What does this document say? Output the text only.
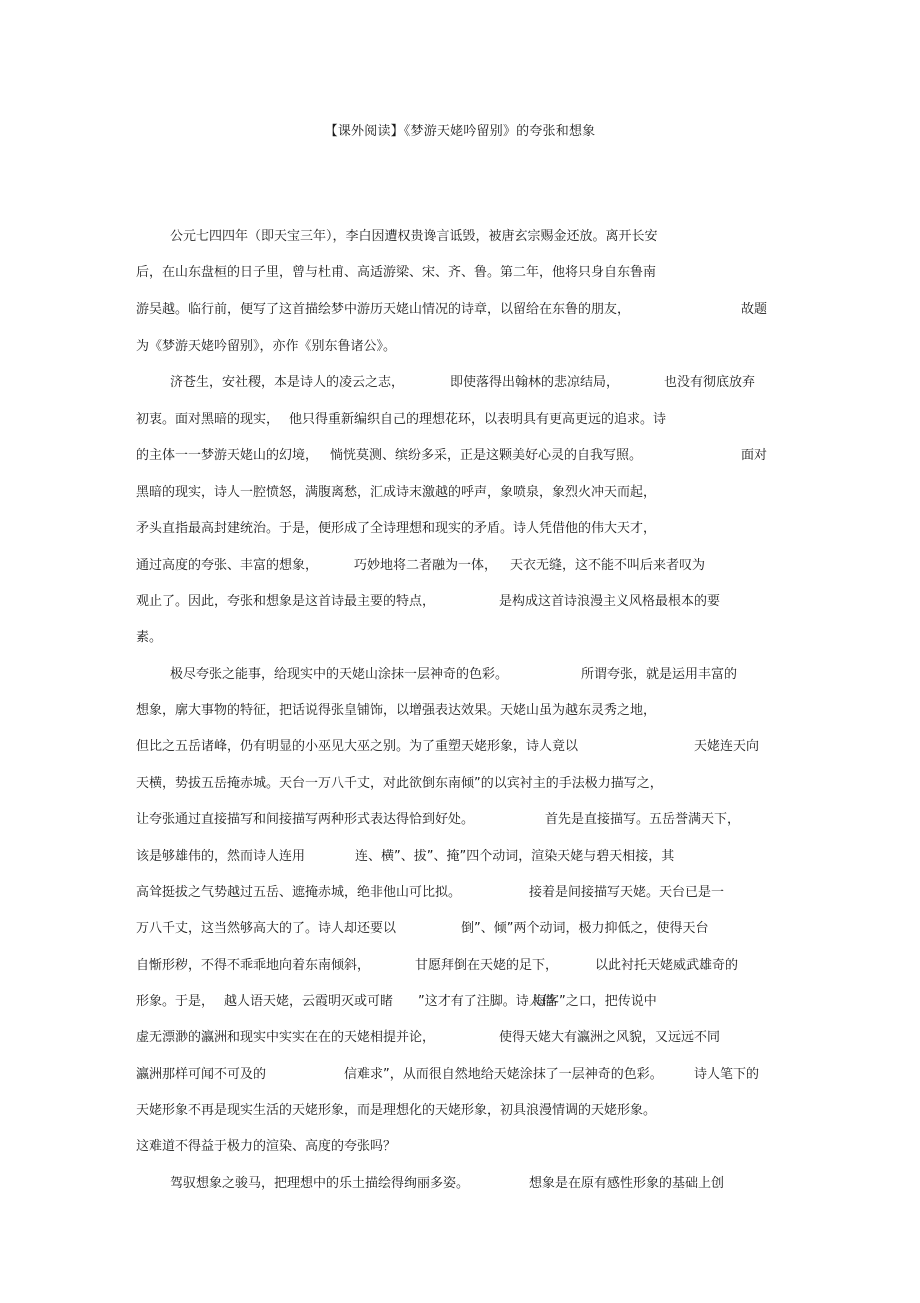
【课外阅读】《梦游天姥吟留别》的夸张和想象
公元七四四年（即天宝三年），李白因遭权贵谗言诋毁，被唐玄宗赐金还放。离开长安
后，在山东盘桓的日子里，曾与杜甫、高适游梁、宋、齐、鲁。第二年，他将只身自东鲁南
游吴越。临行前，便写了这首描绘梦中游历天姥山情况的诗章，以留给在东鲁的朋友，	故题
为《梦游天姥吟留别》，亦作《别东鲁诸公》。
济苍生，安社稷，本是诗人的凌云之志，	即使落得出翰林的悲凉结局，	也没有彻底放弃
初衷。面对黑暗的现实， 他只得重新编织自己的理想花环，以表明具有更高更远的追求。诗
的主体一一梦游天姥山的幻境， 惝恍莫测、缤纷多采，正是这颗美好心灵的自我写照。	面对
黑暗的现实，诗人一腔愤怒，满腹离愁，汇成诗末激越的呼声，象喷泉，象烈火冲天而起，
矛头直指最高封建统治。于是，便形成了全诗理想和现实的矛盾。诗人凭借他的伟大天才，
通过高度的夸张、丰富的想象，	巧妙地将二者融为一体， 天衣无缝，这不能不叫后来者叹为
观止了。因此，夸张和想象是这首诗最主要的特点，	是构成这首诗浪漫主义风格最根本的要
素。
极尽夸张之能事，给现实中的天姥山涂抹一层神奇的色彩。	所谓夸张，就是运用丰富的
想象，廓大事物的特征，把话说得张皇铺饰，以增强表达效果。天姥山虽为越东灵秀之地，
但比之五岳诸峰，仍有明显的小巫见大巫之别。为了重塑天姥形象，诗人竟以	天姥连天向
天横，势拔五岳掩赤城。天台一万八千丈，对此欲倒东南倾”的以宾衬主的手法极力描写之，
让夸张通过直接描写和间接描写两种形式表达得恰到好处。	首先是直接描写。五岳誉满天下，
该是够雄伟的，然而诗人连用	连、横”、拔”、掩”四个动词，渲染天姥与碧天相接，其
高耸挺拔之气势越过五岳、遮掩赤城，绝非他山可比拟。	接着是间接描写天姥。天台已是一
万八千丈，这当然够高大的了。诗人却还要以	倒”、倾”两个动词，极力抑低之，使得天台
自惭形秽，不得不乖乖地向着东南倾斜，	甘愿拜倒在天姥的足下，	以此衬托天姥威武雄奇的
形象。于是， 越人语天姥，云霞明灭或可睹 ”这才有了注脚。诗人借
海客”之口，把传说中
虚无漂渺的瀛洲和现实中实实在在的天姥相提并论，	使得天姥大有瀛洲之风貌，又远远不同
瀛洲那样可闻不可及的	信难求”，从而很自然地给天姥涂抹了一层神奇的色彩。 诗人笔下的
天姥形象不再是现实生活的天姥形象，而是理想化的天姥形象，初具浪漫情调的天姥形象。
这难道不得益于极力的渲染、高度的夸张吗？
驾驭想象之骏马，把理想中的乐土描绘得绚丽多姿。	想象是在原有感性形象的基础上创
